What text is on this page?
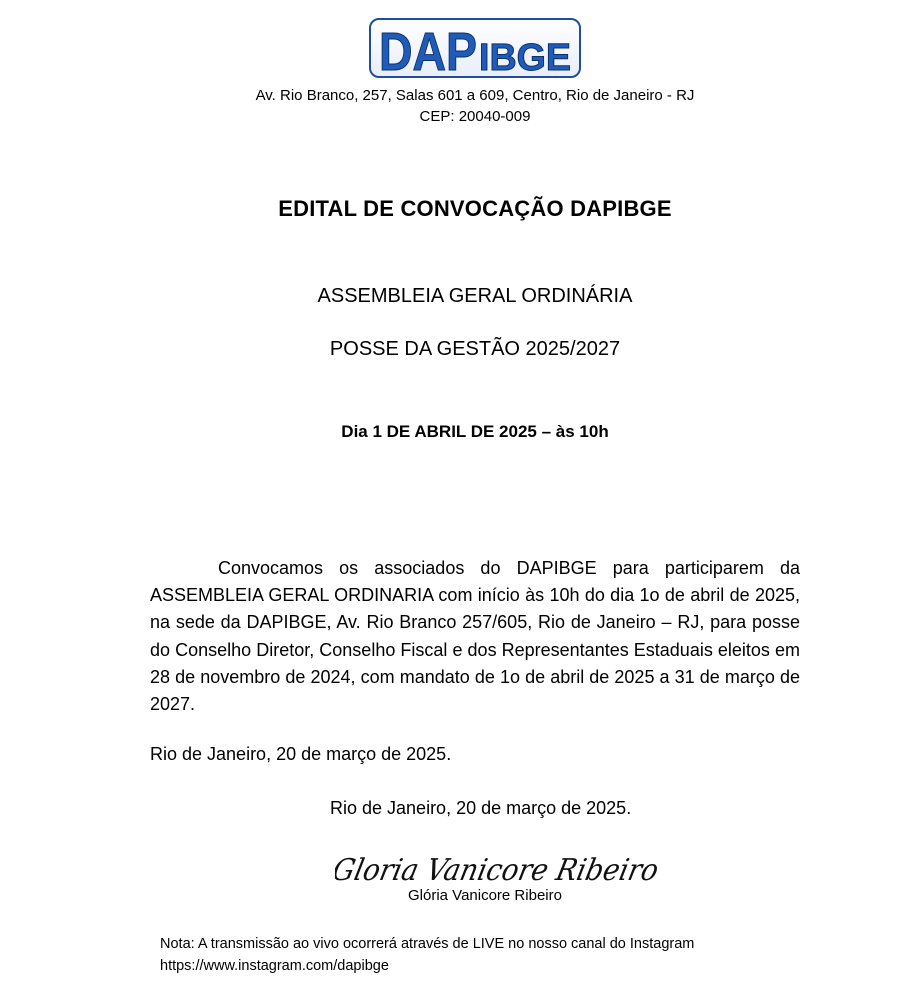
DAP IBGE
Av. Rio Branco, 257, Salas 601 a 609, Centro, Rio de Janeiro - RJ
CEP: 20040-009
EDITAL DE CONVOCAÇÃO DAPIBGE
ASSEMBLEIA GERAL ORDINÁRIA
POSSE DA GESTÃO 2025/2027
Dia 1 DE ABRIL DE 2025 – às 10h

Convocamos os associados do DAPIBGE para participarem da ASSEMBLEIA GERAL ORDINARIA com início às 10h do dia 1o de abril de 2025, na sede da DAPIBGE, Av. Rio Branco 257/605, Rio de Janeiro – RJ, para posse do Conselho Diretor, Conselho Fiscal e dos Representantes Estaduais eleitos em 28 de novembro de 2024, com mandato de 1o de abril de 2025 a 31 de março de 2027.

Rio de Janeiro, 20 de março de 2025.
Rio de Janeiro, 20 de março de 2025.
Gloria Vanicore Ribeiro
Glória Vanicore Ribeiro
Nota: A transmissão ao vivo ocorrerá através de LIVE no nosso canal do Instagram
https://www.instagram.com/dapibge
